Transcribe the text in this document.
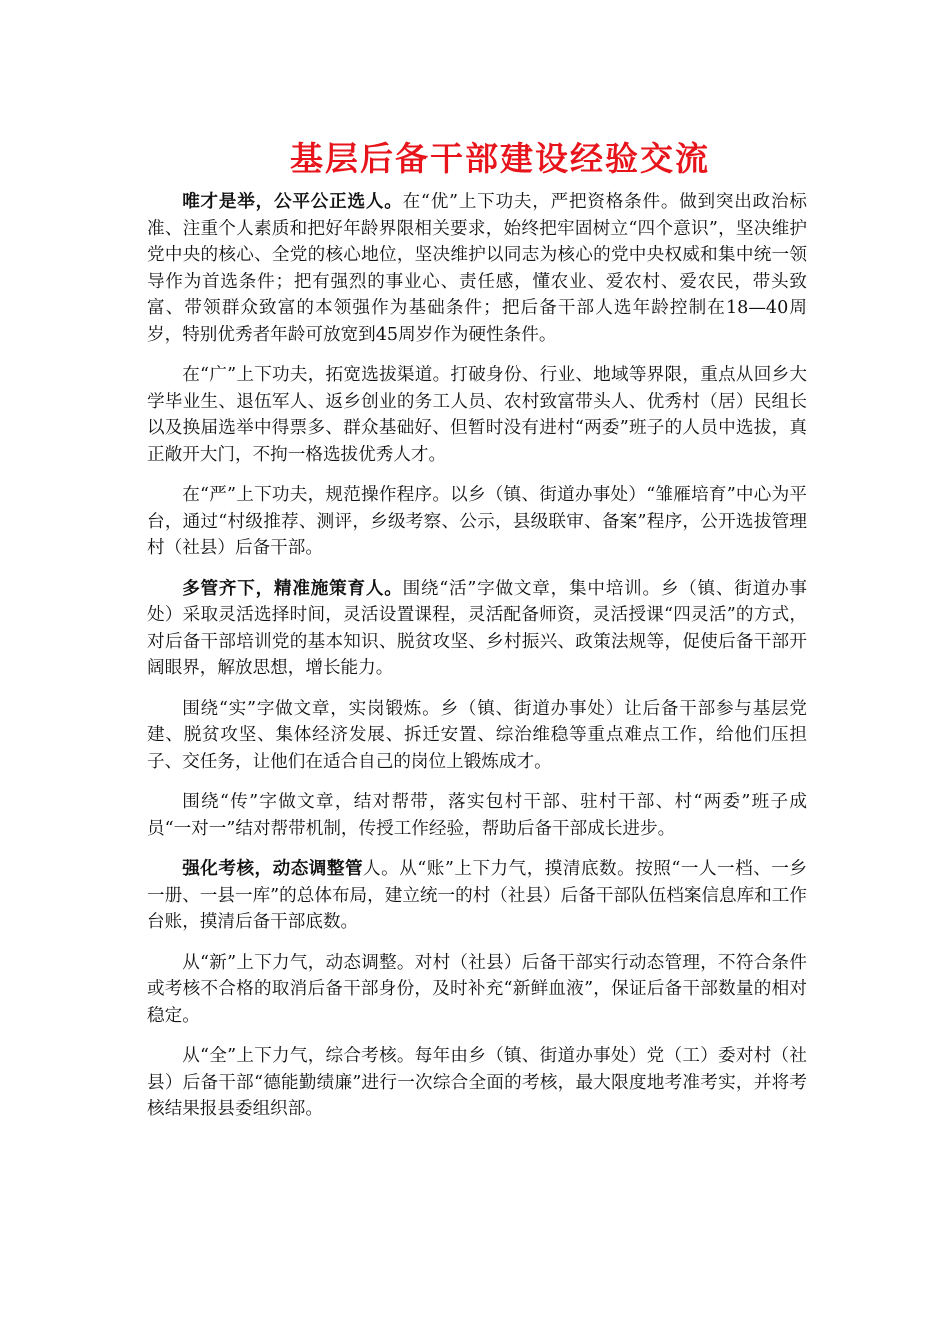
基层后备干部建设经验交流

唯才是举，公平公正选人。在“优”上下功夫，严把资格条件。做到突出政治标准、注重个人素质和把好年龄界限相关要求，始终把牢固树立“四个意识”，坚决维护党中央的核心、全党的核心地位，坚决维护以同志为核心的党中央权威和集中统一领导作为首选条件；把有强烈的事业心、责任感，懂农业、爱农村、爱农民，带头致富、带领群众致富的本领强作为基础条件；把后备干部人选年龄控制在18—40周岁，特别优秀者年龄可放宽到45周岁作为硬性条件。

在“广”上下功夫，拓宽选拔渠道。打破身份、行业、地域等界限，重点从回乡大学毕业生、退伍军人、返乡创业的务工人员、农村致富带头人、优秀村（居）民组长以及换届选举中得票多、群众基础好、但暂时没有进村“两委”班子的人员中选拔，真正敞开大门，不拘一格选拔优秀人才。

在“严”上下功夫，规范操作程序。以乡（镇、街道办事处）“雏雁培育”中心为平台，通过“村级推荐、测评，乡级考察、公示，县级联审、备案”程序，公开选拔管理村（社县）后备干部。

多管齐下，精准施策育人。围绕“活”字做文章，集中培训。乡（镇、街道办事处）采取灵活选择时间，灵活设置课程，灵活配备师资，灵活授课“四灵活”的方式，对后备干部培训党的基本知识、脱贫攻坚、乡村振兴、政策法规等，促使后备干部开阔眼界，解放思想，增长能力。

围绕“实”字做文章，实岗锻炼。乡（镇、街道办事处）让后备干部参与基层党建、脱贫攻坚、集体经济发展、拆迁安置、综治维稳等重点难点工作，给他们压担子、交任务，让他们在适合自己的岗位上锻炼成才。

围绕“传”字做文章，结对帮带，落实包村干部、驻村干部、村“两委”班子成员“一对一”结对帮带机制，传授工作经验，帮助后备干部成长进步。

强化考核，动态调整管人。从“账”上下力气，摸清底数。按照“一人一档、一乡一册、一县一库”的总体布局，建立统一的村（社县）后备干部队伍档案信息库和工作台账，摸清后备干部底数。

从“新”上下力气，动态调整。对村（社县）后备干部实行动态管理，不符合条件或考核不合格的取消后备干部身份，及时补充“新鲜血液”，保证后备干部数量的相对稳定。

从“全”上下力气，综合考核。每年由乡（镇、街道办事处）党（工）委对村（社县）后备干部“德能勤绩廉”进行一次综合全面的考核，最大限度地考准考实，并将考核结果报县委组织部。
